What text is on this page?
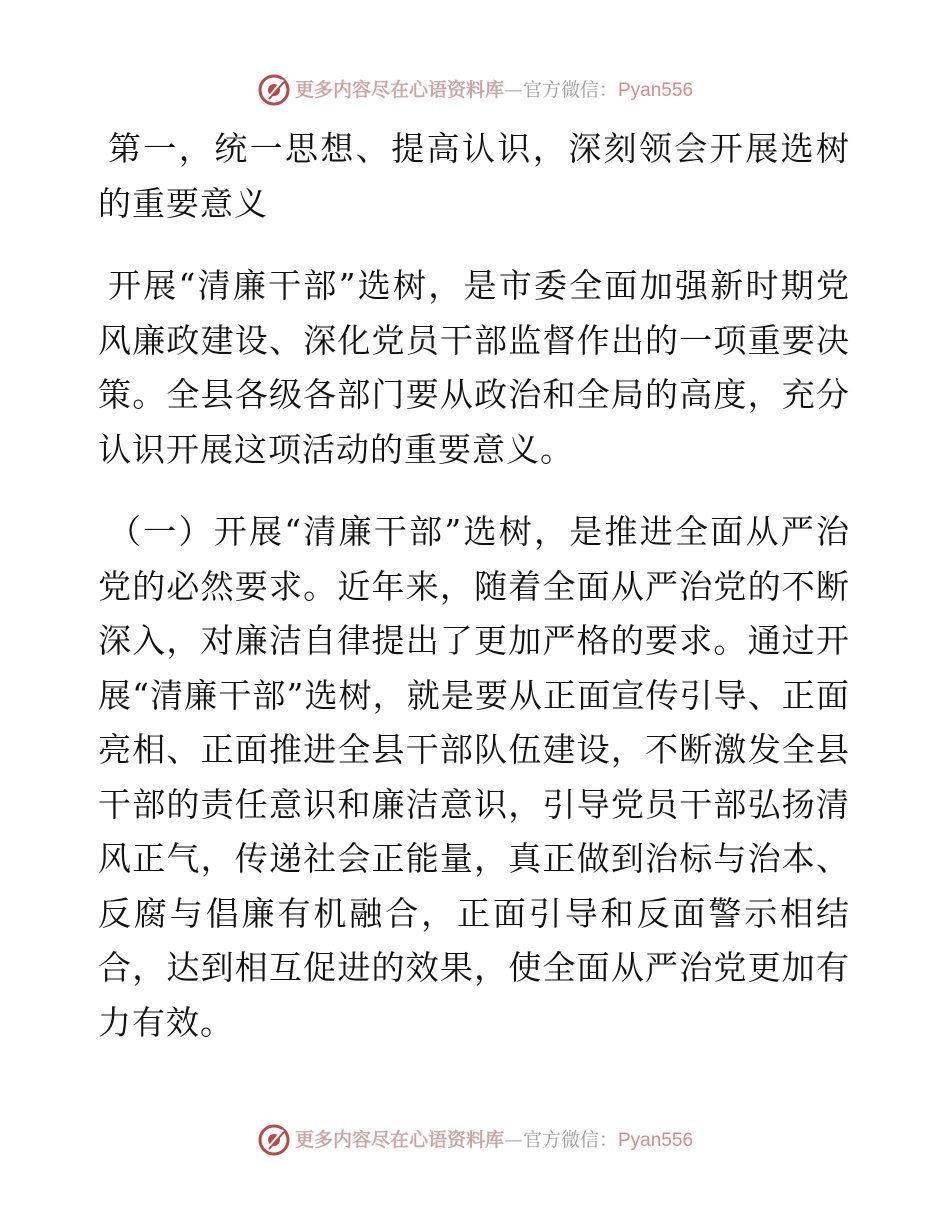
更多内容尽在心语资料库—官方微信：Pyan556

第一，统一思想、提高认识，深刻领会开展选树的重要意义

开展“清廉干部”选树，是市委全面加强新时期党风廉政建设、深化党员干部监督作出的一项重要决策。全县各级各部门要从政治和全局的高度，充分认识开展这项活动的重要意义。

（一）开展“清廉干部”选树，是推进全面从严治党的必然要求。近年来，随着全面从严治党的不断深入，对廉洁自律提出了更加严格的要求。通过开展“清廉干部”选树，就是要从正面宣传引导、正面亮相、正面推进全县干部队伍建设，不断激发全县干部的责任意识和廉洁意识，引导党员干部弘扬清风正气，传递社会正能量，真正做到治标与治本、反腐与倡廉有机融合，正面引导和反面警示相结合，达到相互促进的效果，使全面从严治党更加有力有效。

更多内容尽在心语资料库—官方微信：Pyan556
